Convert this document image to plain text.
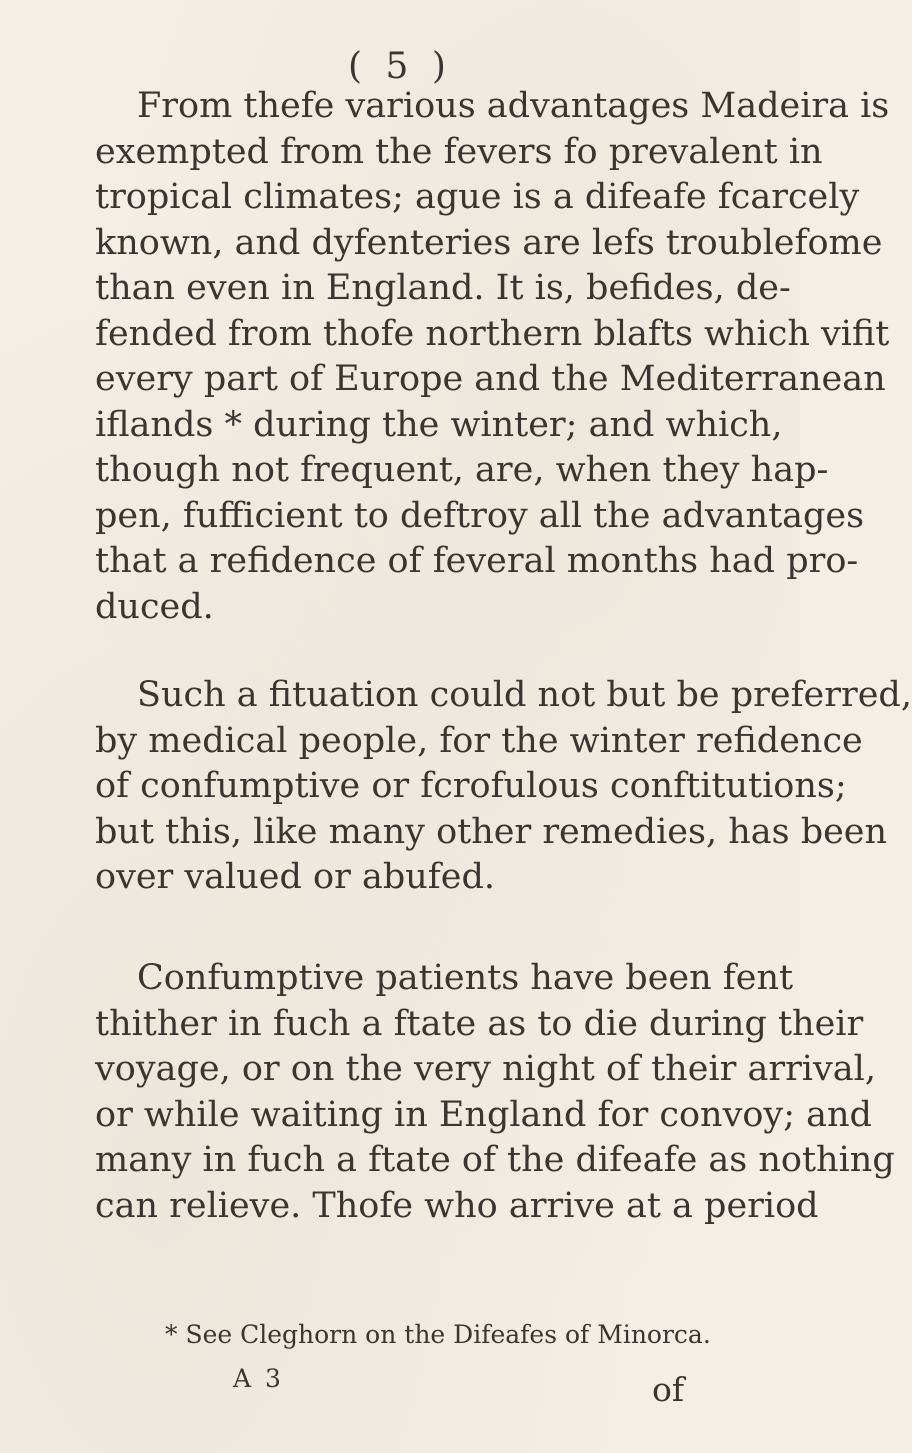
( 5 )
From thefe various advantages Madeira is
exempted from the fevers fo prevalent in
tropical climates; ague is a difeafe fcarcely
known, and dyfenteries are lefs troublefome
than even in England. It is, befides, de-
fended from thofe northern blafts which vifit
every part of Europe and the Mediterranean
iflands * during the winter; and which,
though not frequent, are, when they hap-
pen, fufficient to deftroy all the advantages
that a refidence of feveral months had pro-
duced.
Such a fituation could not but be preferred,
by medical people, for the winter refidence
of confumptive or fcrofulous conftitutions;
but this, like many other remedies, has been
over valued or abufed.
Confumptive patients have been fent
thither in fuch a ftate as to die during their
voyage, or on the very night of their arrival,
or while waiting in England for convoy; and
many in fuch a ftate of the difeafe as nothing
can relieve. Thofe who arrive at a period
* See Cleghorn on the Difeafes of Minorca.
A 3	of
